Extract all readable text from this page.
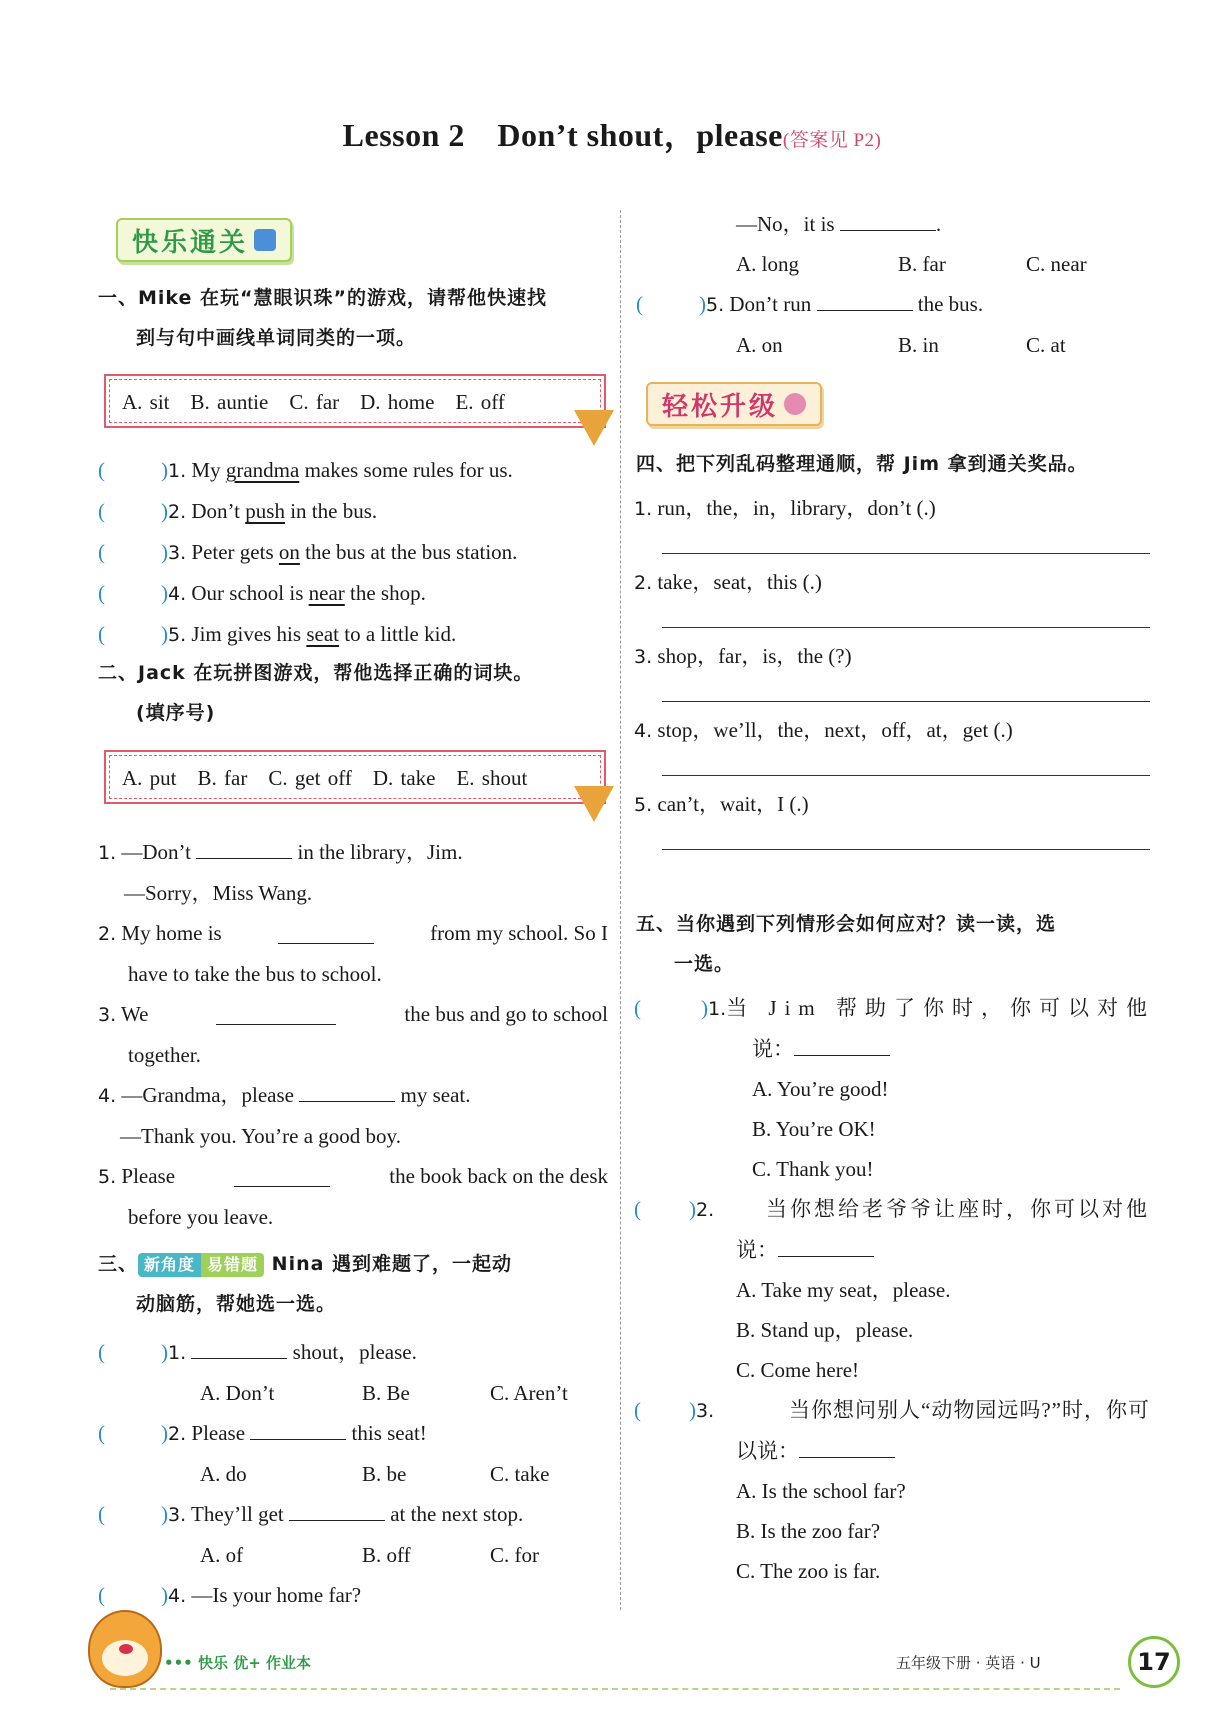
Lesson 2　Don’t shout，please(答案见 P2)
快乐通关
一、Mike 在玩“慧眼识珠”的游戏，请帮他快速找
到与句中画线单词同类的一项。
A. sit　B. auntie　C. far　D. home　E. off
(	)1. My grandma makes some rules for us.
(	)2. Don’t push in the bus.
(	)3. Peter gets on the bus at the bus station.
(	)4. Our school is near the shop.
(	)5. Jim gives his seat to a little kid.
二、Jack 在玩拼图游戏，帮他选择正确的词块。
(填序号)
A. put　B. far　C. get off　D. take　E. shout
1. —Don’t	in the library，Jim.
—Sorry，Miss Wang.
2. My home is	from my school. So I
have to take the bus to school.
3. We	the bus and go to school
together.
4. —Grandma，please	my seat.
—Thank you. You’re a good boy.
5. Please	the book back on the desk
before you leave.
三、 新角度 易错题 Nina 遇到难题了，一起动
动脑筋，帮她选一选。
(	)1.	shout，please.
A. Don’t	B. Be	C. Aren’t
(	)2. Please	this seat!
A. do	B. be	C. take
(	)3. They’ll get	at the next stop.
A. of	B. off	C. for
(	)4. —Is your home far?
—No，it is	.
A. long	B. far	C. near
(	)5. Don’t run	the bus.
A. on	B. in	C. at
轻松升级
四、把下列乱码整理通顺，帮 Jim 拿到通关奖品。
1. run，the，in，library，don’t (.)
2. take，seat，this (.)
3. shop，far，is，the (?)
4. stop，we’ll，the，next，off，at，get (.)
5. can’t，wait，I (.)
五、当你遇到下列情形会如何应对？读一读，选
一选。
(	)1. 当 Jim 帮助了你时，你可以对他
说：
A. You’re good!
B. You’re OK!
C. Thank you!
( )2. 当你想给老爷爷让座时，你可以对他
说：
A. Take my seat，please.
B. Stand up，please.
C. Come here!
( )3.	当你想问别人“动物园远吗?”时，你可
以说：
A. Is the school far?
B. Is the zoo far?
C. The zoo is far.
••• 快乐 优+ 作业本	五年级下册 · 英语 · U	17
